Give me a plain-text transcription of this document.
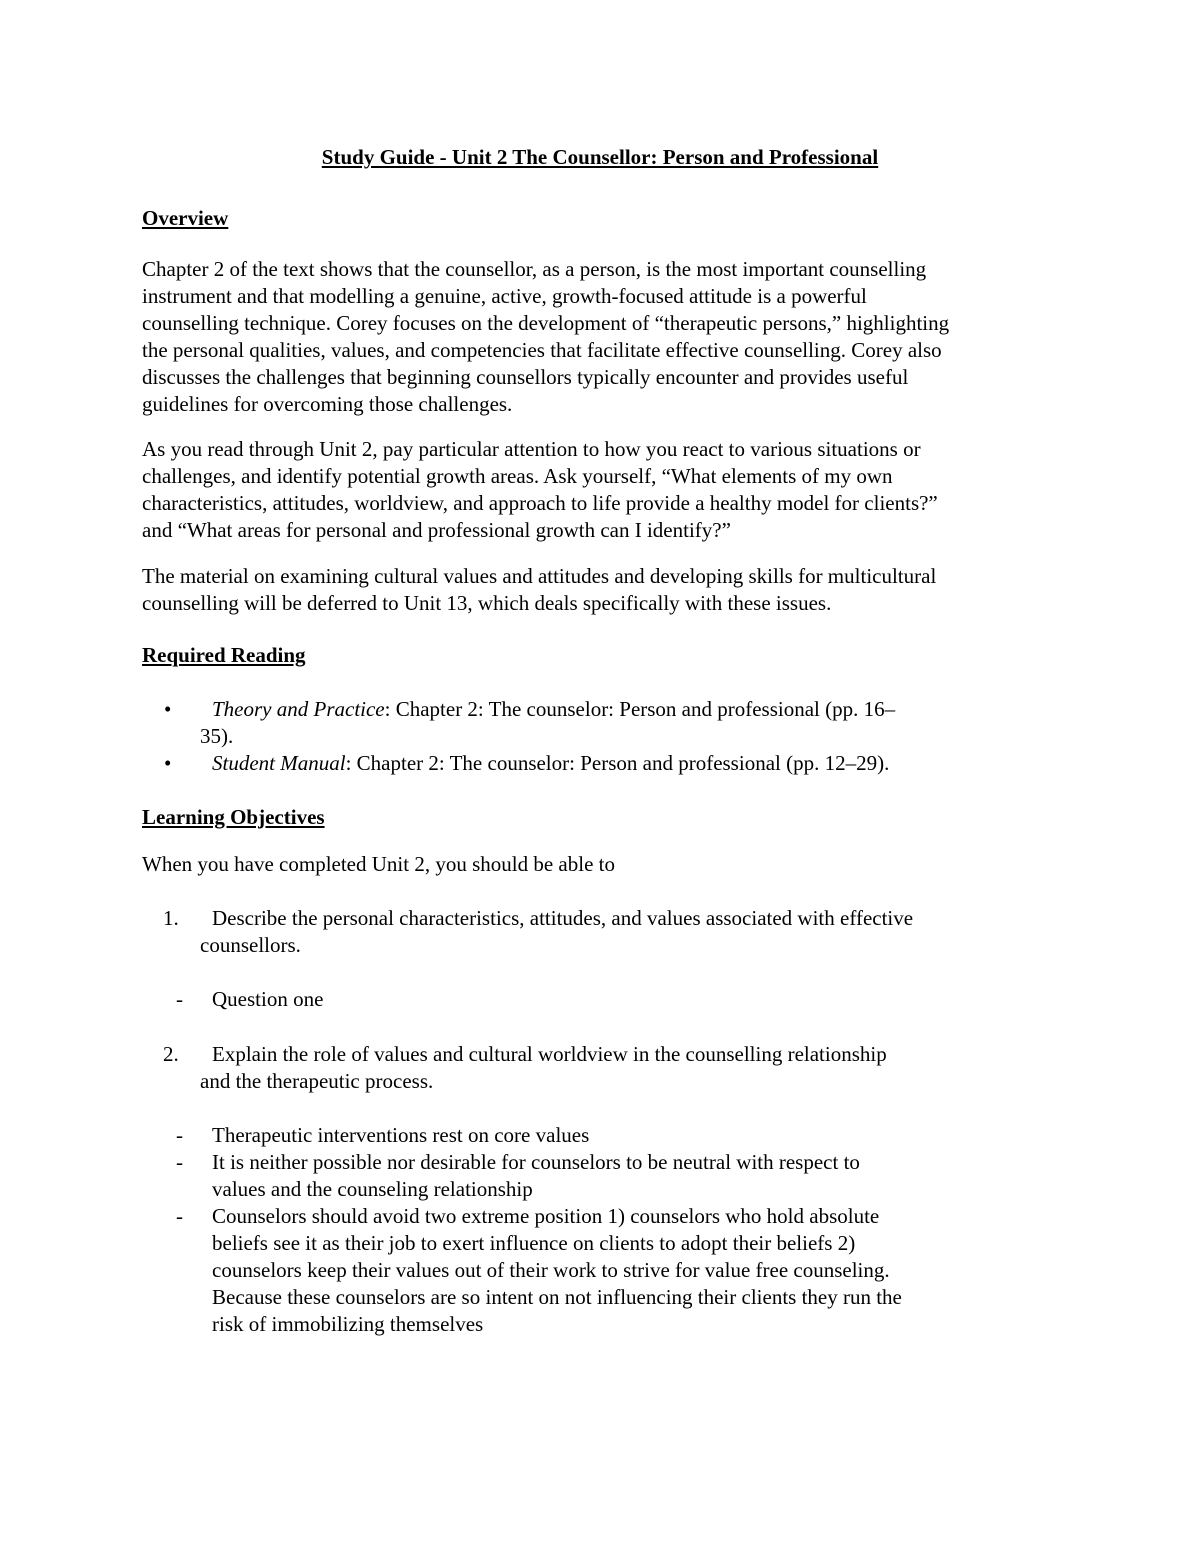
Study Guide - Unit 2 The Counsellor: Person and Professional
Overview
Chapter 2 of the text shows that the counsellor, as a person, is the most important counselling
instrument and that modelling a genuine, active, growth-focused attitude is a powerful
counselling technique. Corey focuses on the development of “therapeutic persons,” highlighting
the personal qualities, values, and competencies that facilitate effective counselling. Corey also
discusses the challenges that beginning counsellors typically encounter and provides useful
guidelines for overcoming those challenges.
As you read through Unit 2, pay particular attention to how you react to various situations or
challenges, and identify potential growth areas. Ask yourself, “What elements of my own
characteristics, attitudes, worldview, and approach to life provide a healthy model for clients?”
and “What areas for personal and professional growth can I identify?”
The material on examining cultural values and attitudes and developing skills for multicultural
counselling will be deferred to Unit 13, which deals specifically with these issues.
Required Reading
• Theory and Practice: Chapter 2: The counselor: Person and professional (pp. 16–
35).
• Student Manual: Chapter 2: The counselor: Person and professional (pp. 12–29).
Learning Objectives
When you have completed Unit 2, you should be able to
1. Describe the personal characteristics, attitudes, and values associated with effective
counsellors.
- Question one
2. Explain the role of values and cultural worldview in the counselling relationship
and the therapeutic process.
- Therapeutic interventions rest on core values
- It is neither possible nor desirable for counselors to be neutral with respect to
values and the counseling relationship
- Counselors should avoid two extreme position 1) counselors who hold absolute
beliefs see it as their job to exert influence on clients to adopt their beliefs 2)
counselors keep their values out of their work to strive for value free counseling.
Because these counselors are so intent on not influencing their clients they run the
risk of immobilizing themselves
